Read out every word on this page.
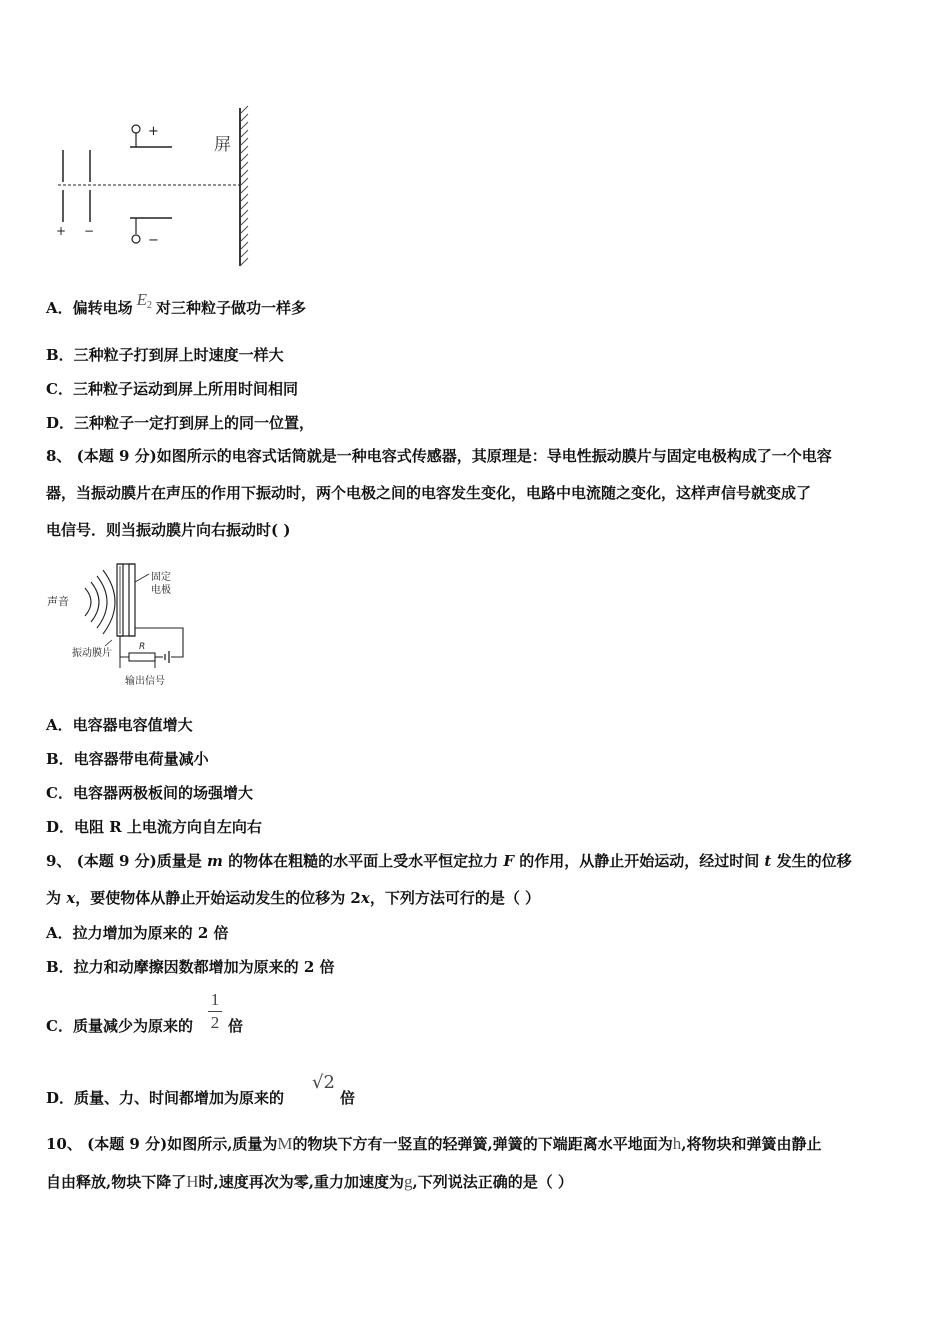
+ −
+
−
屏
A．偏转电场 $E^2$ 对三种粒子做功一样多
B．三种粒子打到屏上时速度一样大
C．三种粒子运动到屏上所用时间相同
D．三种粒子一定打到屏上的同一位置，
8、 (本题 9 分)如图所示的电容式话筒就是一种电容式传感器，其原理是：导电性振动膜片与固定电极构成了一个电容
器，当振动膜片在声压的作用下振动时，两个电极之间的电容发生变化，电路中电流随之变化，这样声信号就变成了
电信号．则当振动膜片向右振动时( )
声音
固定
电极
R
振动膜片
输出信号
A．电容器电容值增大
B．电容器带电荷量减小
C．电容器两极板间的场强增大
D．电阻 R 上电流方向自左向右
9、 (本题 9 分)质量是 m 的物体在粗糙的水平面上受水平恒定拉力 F 的作用，从静止开始运动，经过时间 t 发生的位移
为 x，要使物体从静止开始运动发生的位移为 2x，下列方法可行的是（ ）
A．拉力增加为原来的 2 倍
B．拉力和动摩擦因数都增加为原来的 2 倍
C．质量减少为原来的
1
2 倍
D．质量、力、时间都增加为原来的
√2
倍
10、 (本题 9 分)如图所示,质量为M的物块下方有一竖直的轻弹簧,弹簧的下端距离水平地面为h,将物块和弹簧由静止
自由释放,物块下降了H时,速度再次为零,重力加速度为g,下列说法正确的是（ ）
